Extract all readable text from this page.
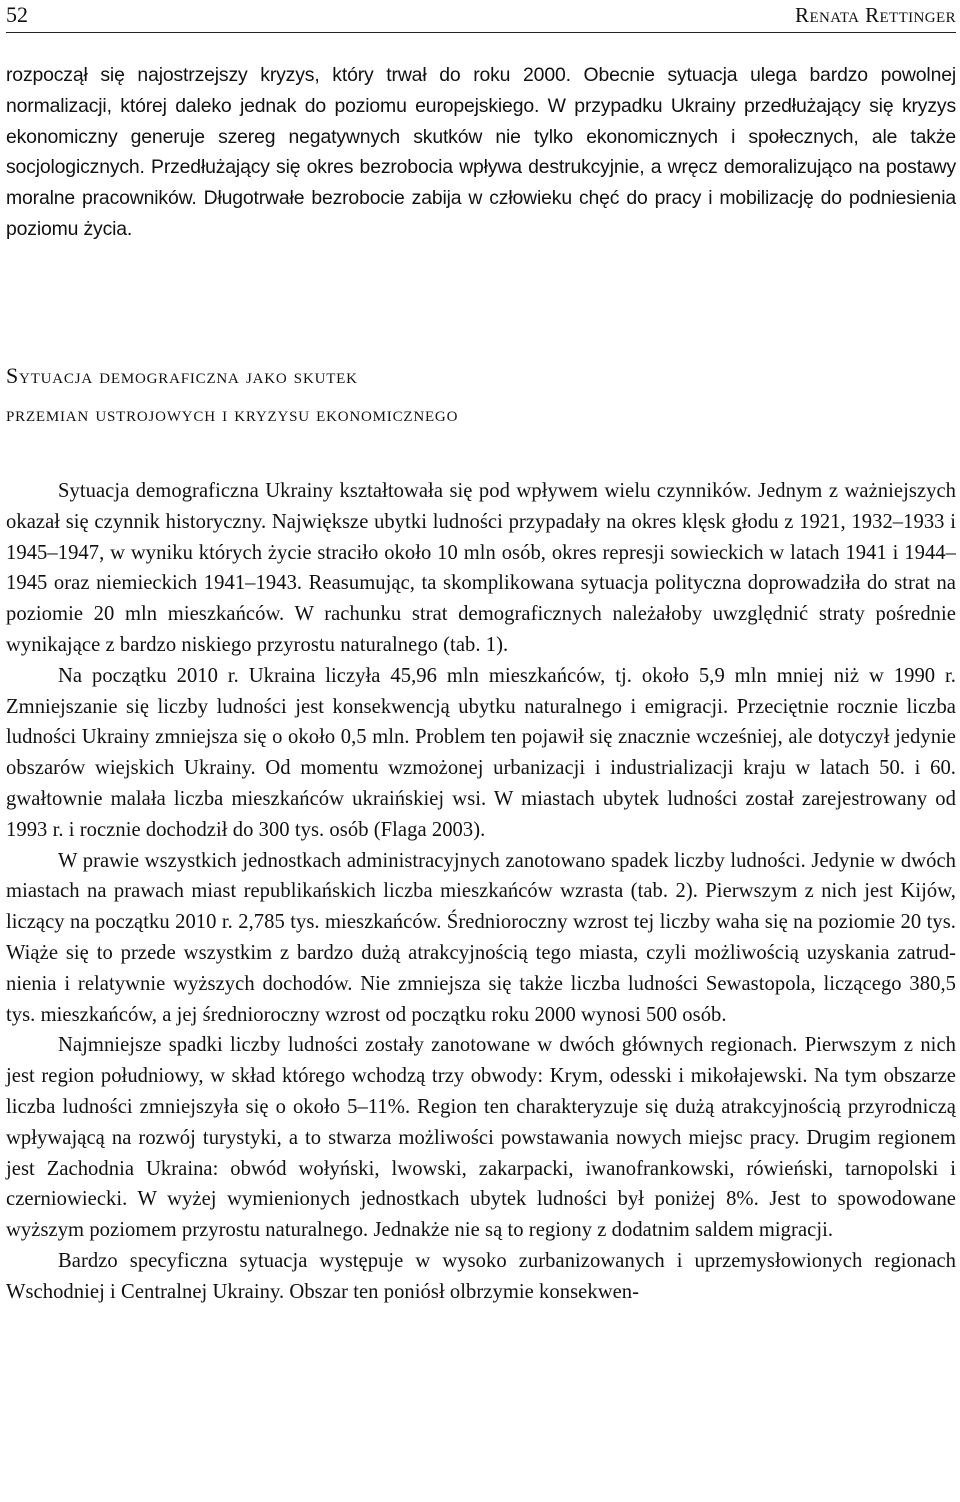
52	Renata Rettinger

rozpoczął się najostrzejszy kryzys, który trwał do roku 2000. Obecnie sytuacja ulega bardzo powolnej normalizacji, której daleko jednak do poziomu europejskiego. W przypadku Ukrainy przedłużający się kryzys ekonomiczny generuje szereg negatywnych skutków nie tylko ekonomicznych i społecznych, ale także socjologicznych. Przedłużający się okres bezrobocia wpływa destrukcyjnie, a wręcz demoralizująco na postawy moralne pracowników. Długotrwałe bezrobocie zabija w człowieku chęć do pracy i mobilizację do podniesienia poziomu życia.

Sytuacja demograficzna jako skutek
przemian ustrojowych i kryzysu ekonomicznego

Sytuacja demograficzna Ukrainy kształtowała się pod wpływem wielu czynników. Jednym z ważniejszych okazał się czynnik historyczny. Największe ubytki ludności przypadały na okres klęsk głodu z 1921, 1932–1933 i 1945–1947, w wyniku których życie straciło około 10 mln osób, okres represji sowieckich w latach 1941 i 1944–1945 oraz niemieckich 1941–1943. Reasumując, ta skomplikowana sytuacja polityczna doprowadziła do strat na poziomie 20 mln mieszkańców. W rachunku strat demograficznych należałoby uwzględnić straty pośrednie wynikające z bardzo niskiego przyrostu naturalnego (tab. 1).

Na początku 2010 r. Ukraina liczyła 45,96 mln mieszkańców, tj. około 5,9 mln mniej niż w 1990 r. Zmniejszanie się liczby ludności jest konsekwencją ubytku naturalnego i emigracji. Przeciętnie rocznie liczba ludności Ukrainy zmniejsza się o około 0,5 mln. Problem ten pojawił się znacznie wcześniej, ale dotyczył jedynie obszarów wiejskich Ukrainy. Od momentu wzmożonej urbanizacji i industrializacji kraju w latach 50. i 60. gwałtownie malała liczba mieszkańców ukraińskiej wsi. W miastach ubytek ludności został zarejestrowany od 1993 r. i rocznie dochodził do 300 tys. osób (Flaga 2003).

W prawie wszystkich jednostkach administracyjnych zanotowano spadek liczby ludności. Jedynie w dwóch miastach na prawach miast republikańskich liczba mieszkańców wzrasta (tab. 2). Pierwszym z nich jest Kijów, liczący na początku 2010 r. 2,785 tys. mieszkańców. Średnioroczny wzrost tej liczby waha się na poziomie 20 tys. Wiąże się to przede wszystkim z bardzo dużą atrakcyjnością tego miasta, czyli możliwością uzyskania zatrudnienia i relatywnie wyższych dochodów. Nie zmniejsza się także liczba ludności Sewastopola, liczącego 380,5 tys. mieszkańców, a jej średnioroczny wzrost od początku roku 2000 wynosi 500 osób.

Najmniejsze spadki liczby ludności zostały zanotowane w dwóch głównych regionach. Pierwszym z nich jest region południowy, w skład którego wchodzą trzy obwody: Krym, odesski i mikołajewski. Na tym obszarze liczba ludności zmniejszyła się o około 5–11%. Region ten charakteryzuje się dużą atrakcyjnością przyrodniczą wpływającą na rozwój turystyki, a to stwarza możliwości powstawania nowych miejsc pracy. Drugim regionem jest Zachodnia Ukraina: obwód wołyński, lwowski, zakarpacki, iwanofrankowski, rówieński, tarnopolski i czerniowiecki. W wyżej wymienionych jednostkach ubytek ludności był poniżej 8%. Jest to spowodowane wyższym poziomem przyrostu naturalnego. Jednakże nie są to regiony z dodatnim saldem migracji.

Bardzo specyficzna sytuacja występuje w wysoko zurbanizowanych i uprzemysłowionych regionach Wschodniej i Centralnej Ukrainy. Obszar ten poniósł olbrzymie konsekwen-
